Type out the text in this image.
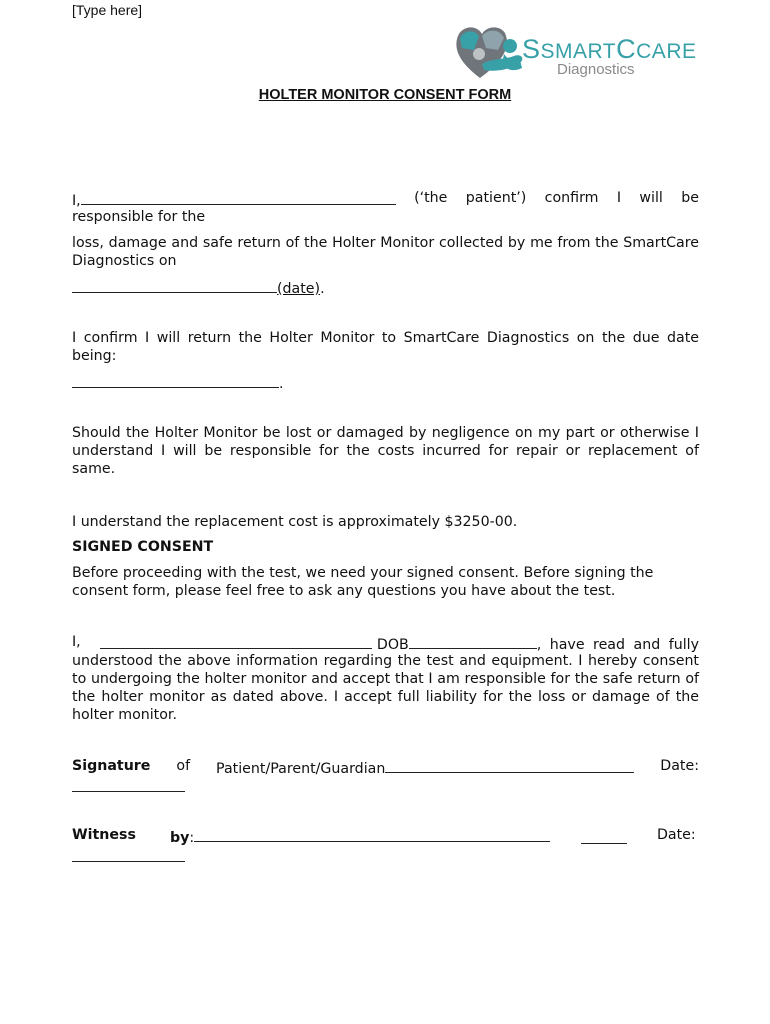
[Type here]
SSMARTCCARE
Diagnostics
HOLTER MONITOR CONSENT FORM
I,	(‘the patient’) confirm I will be
responsible for the
loss, damage and safe return of the Holter Monitor collected by me from the SmartCare Diagnostics on
(date).
I confirm I will return the Holter Monitor to SmartCare Diagnostics on the due date being:
.
Should the Holter Monitor be lost or damaged by negligence on my part or otherwise I understand I will be responsible for the costs incurred for repair or replacement of same.
I understand the replacement cost is approximately $3250-00.
SIGNED CONSENT
Before proceeding with the test, we need your signed consent. Before signing the consent form, please feel free to ask any questions you have about the test.
I,	DOB	, have read and fully
understood the above information regarding the test and equipment. I hereby consent to undergoing the holter monitor and accept that I am responsible for the safe return of the holter monitor as dated above. I accept full liability for the loss or damage of the holter monitor.
Signature of Patient/Parent/Guardian	Date:
Witness by:	Date:
